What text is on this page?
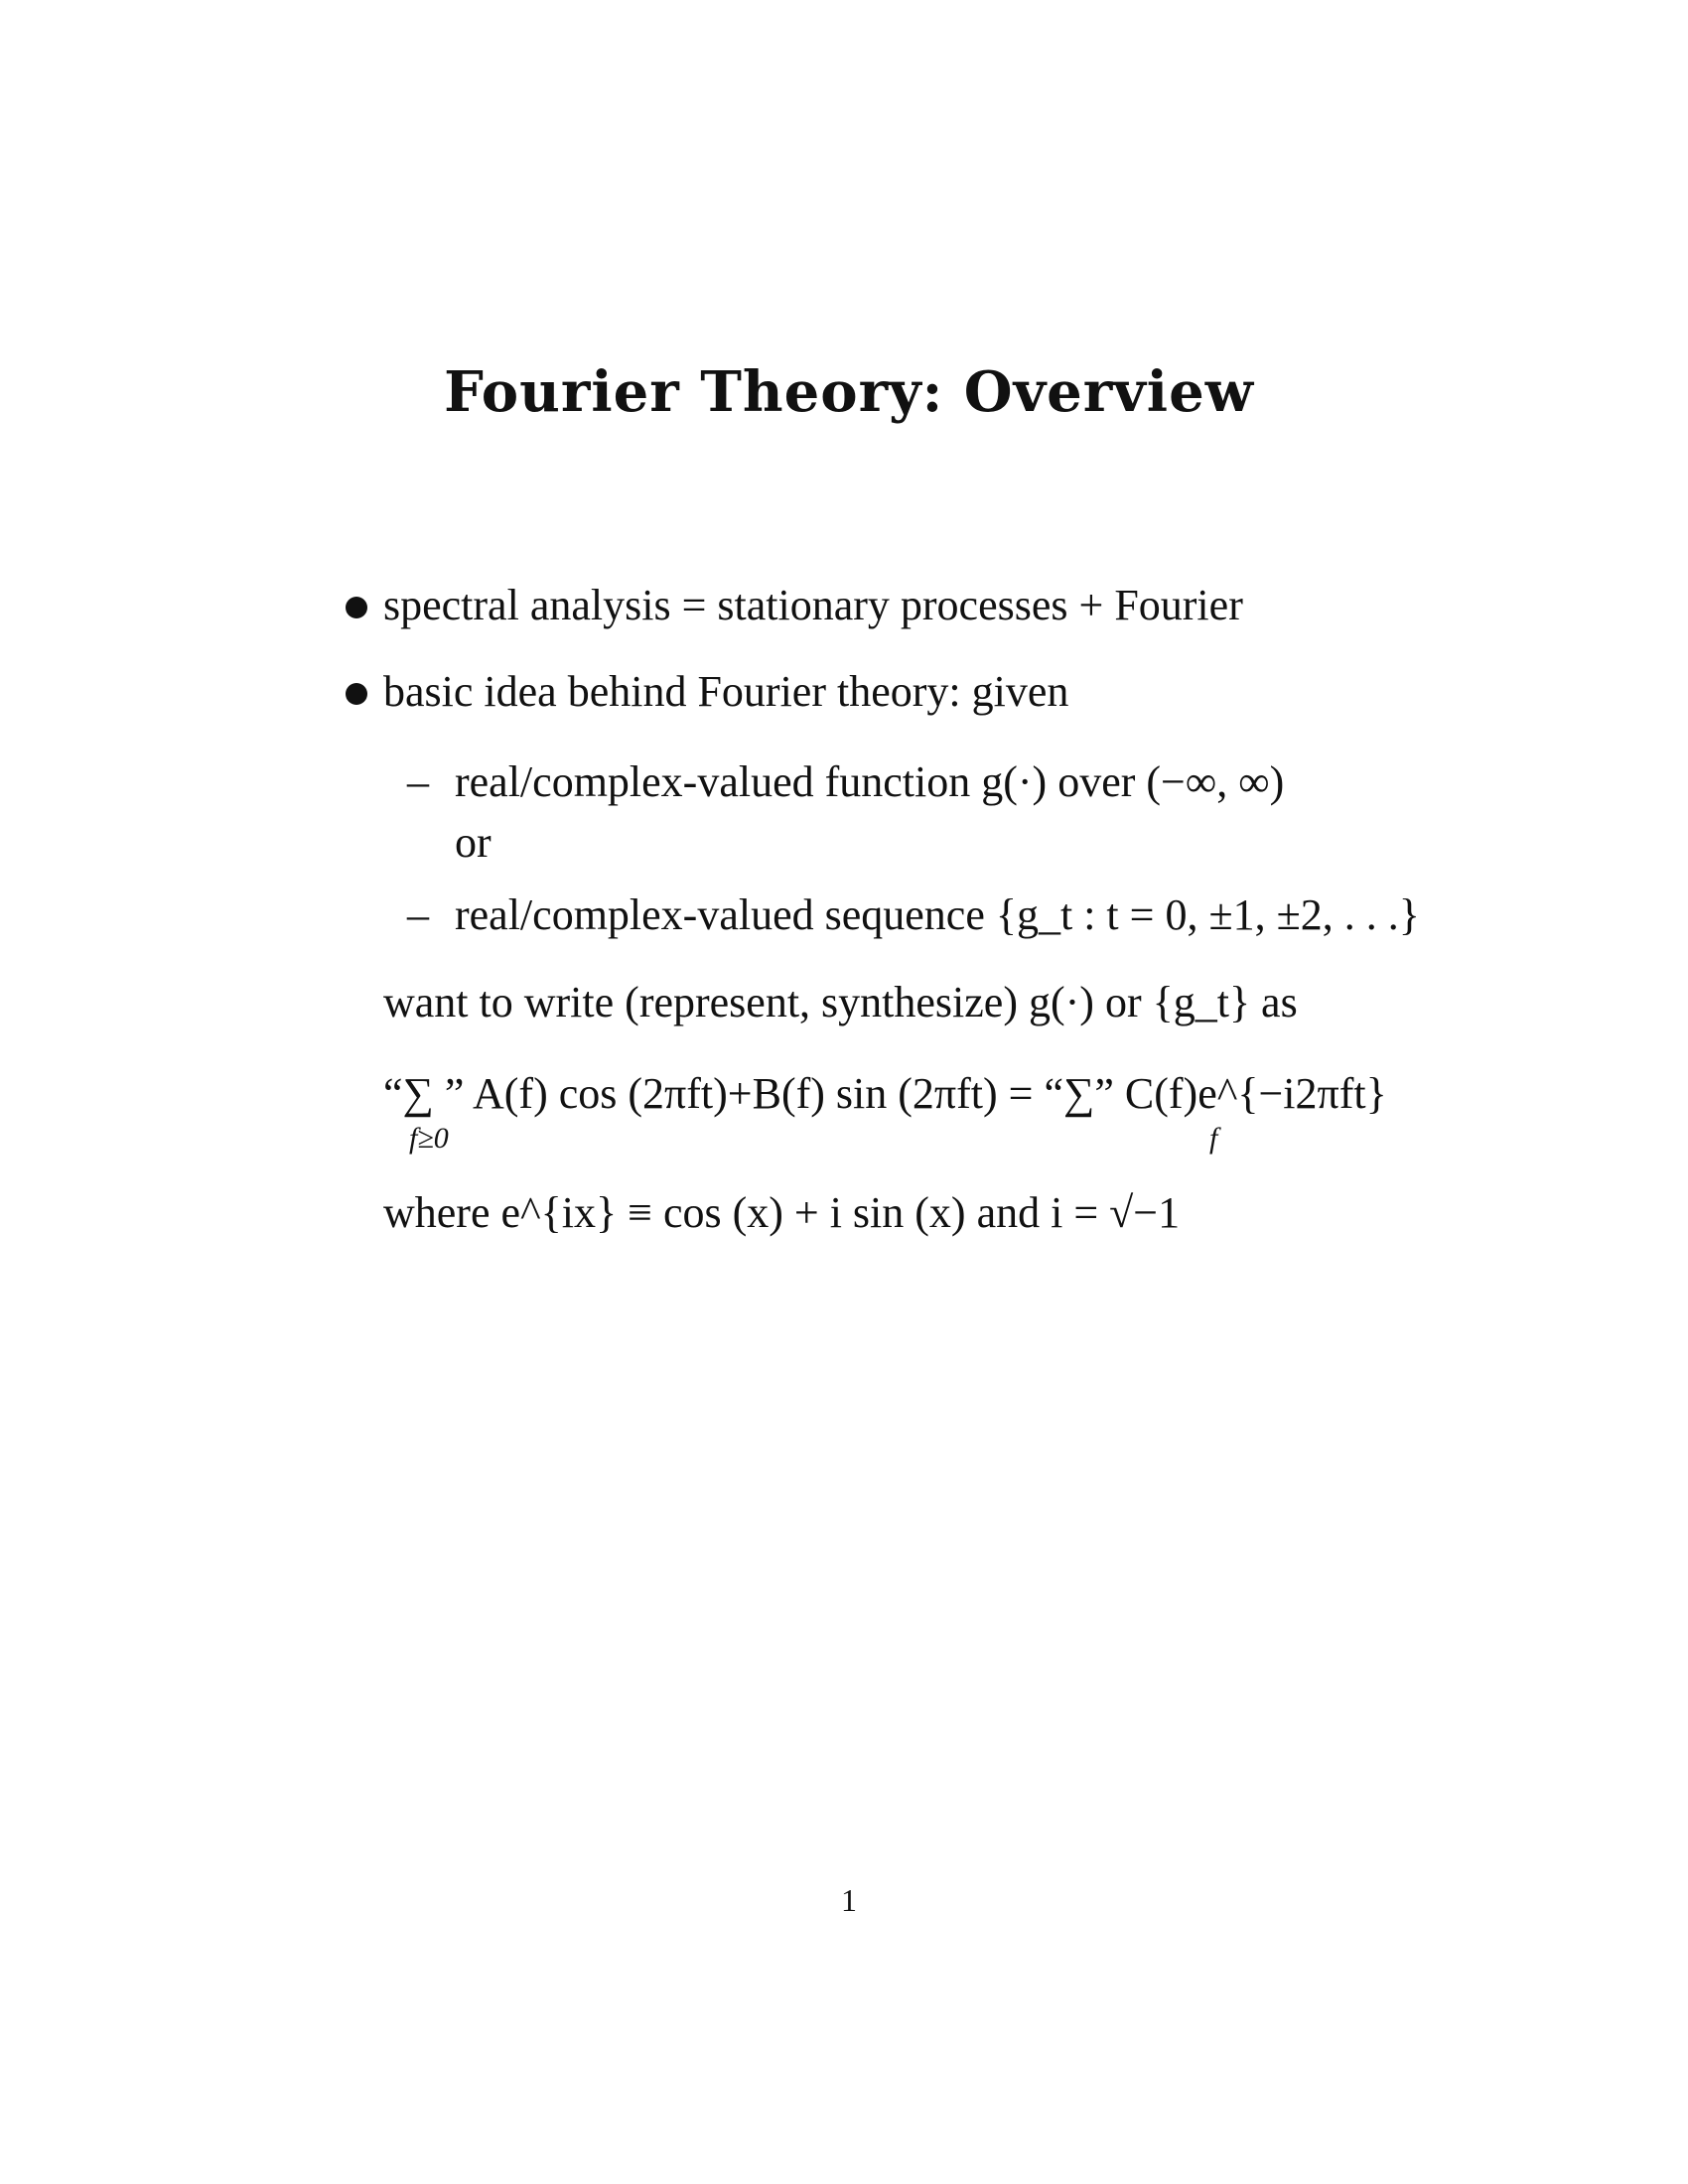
Fourier Theory: Overview
spectral analysis = stationary processes + Fourier
basic idea behind Fourier theory: given
– real/complex-valued function g(·) over (−∞, ∞)
or
– real/complex-valued sequence {g_t : t = 0, ±1, ±2, . . .}
want to write (represent, synthesize) g(·) or {g_t} as
“∑ ” A(f) cos (2πft)+B(f) sin (2πft) = “∑” C(f)e^{−i2πft}
f≥0	f
where e^{ix} ≡ cos (x) + i sin (x) and i = √−1
1
